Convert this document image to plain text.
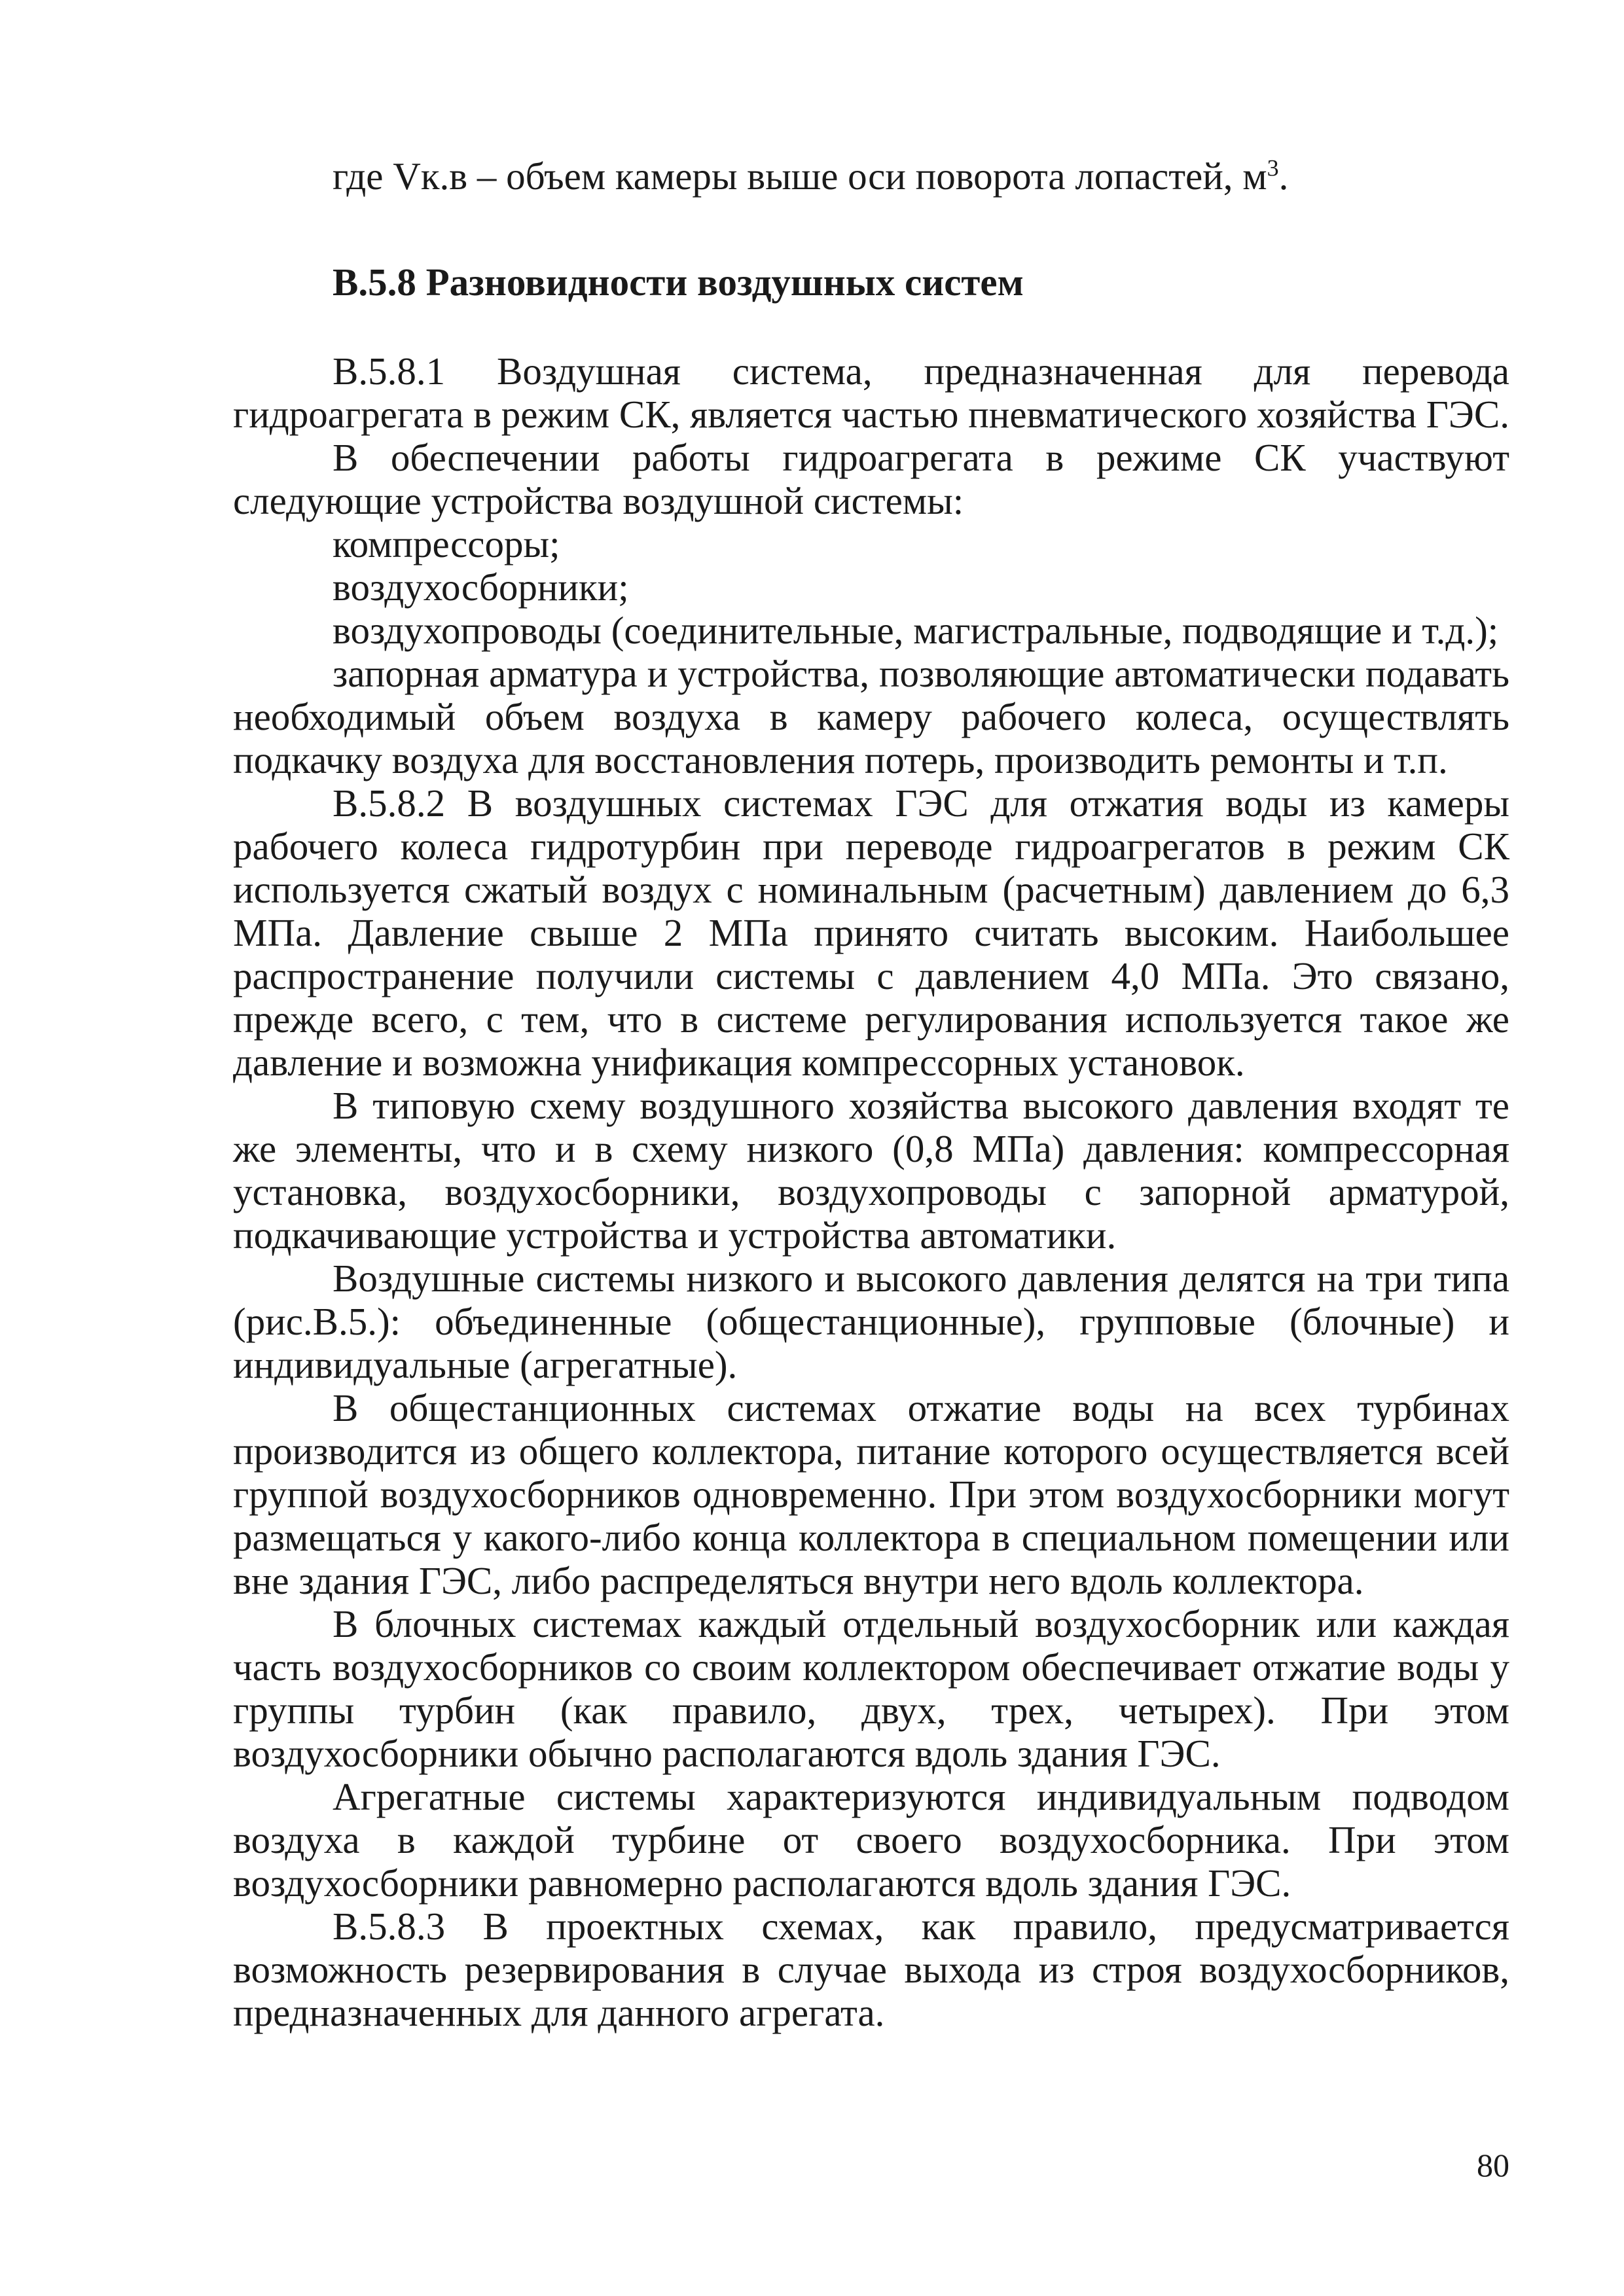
где Vк.в – объем камеры выше оси поворота лопастей, $м^3$.
В.5.8 Разновидности воздушных систем

В.5.8.1 Воздушная система, предназначенная для перевода гидроагрегата в режим СК, является частью пневматического хозяйства ГЭС.

В обеспечении работы гидроагрегата в режиме СК участвуют следующие устройства воздушной системы:

компрессоры;
воздухосборники;
воздухопроводы (соединительные, магистральные, подводящие и т.д.);

запорная арматура и устройства, позволяющие автоматически подавать необходимый объем воздуха в камеру рабочего колеса, осуществлять подкачку воздуха для восстановления потерь, производить ремонты и т.п.

В.5.8.2 В воздушных системах ГЭС для отжатия воды из камеры рабочего колеса гидротурбин при переводе гидроагрегатов в режим СК используется сжатый воздух с номинальным (расчетным) давлением до 6,3 МПа. Давление свыше 2 МПа принято считать высоким. Наибольшее распространение получили системы с давлением 4,0 МПа. Это связано, прежде всего, с тем, что в системе регулирования используется такое же давление и возможна унификация компрессорных установок.

В типовую схему воздушного хозяйства высокого давления входят те же элементы, что и в схему низкого (0,8 МПа) давления: компрессорная установка, воздухосборники, воздухопроводы с запорной арматурой, подкачивающие устройства и устройства автоматики.

Воздушные системы низкого и высокого давления делятся на три типа (рис.В.5.): объединенные (общестанционные), групповые (блочные) и индивидуальные (агрегатные).

В общестанционных системах отжатие воды на всех турбинах производится из общего коллектора, питание которого осуществляется всей группой воздухосборников одновременно. При этом воздухосборники могут размещаться у какого-либо конца коллектора в специальном помещении или вне здания ГЭС, либо распределяться внутри него вдоль коллектора.

В блочных системах каждый отдельный воздухосборник или каждая часть воздухосборников со своим коллектором обеспечивает отжатие воды у группы турбин (как правило, двух, трех, четырех). При этом воздухосборники обычно располагаются вдоль здания ГЭС.

Агрегатные системы характеризуются индивидуальным подводом воздуха в каждой турбине от своего воздухосборника. При этом воздухосборники равномерно располагаются вдоль здания ГЭС.

В.5.8.3 В проектных схемах, как правило, предусматривается возможность резервирования в случае выхода из строя воздухосборников, предназначенных для данного агрегата.

80
